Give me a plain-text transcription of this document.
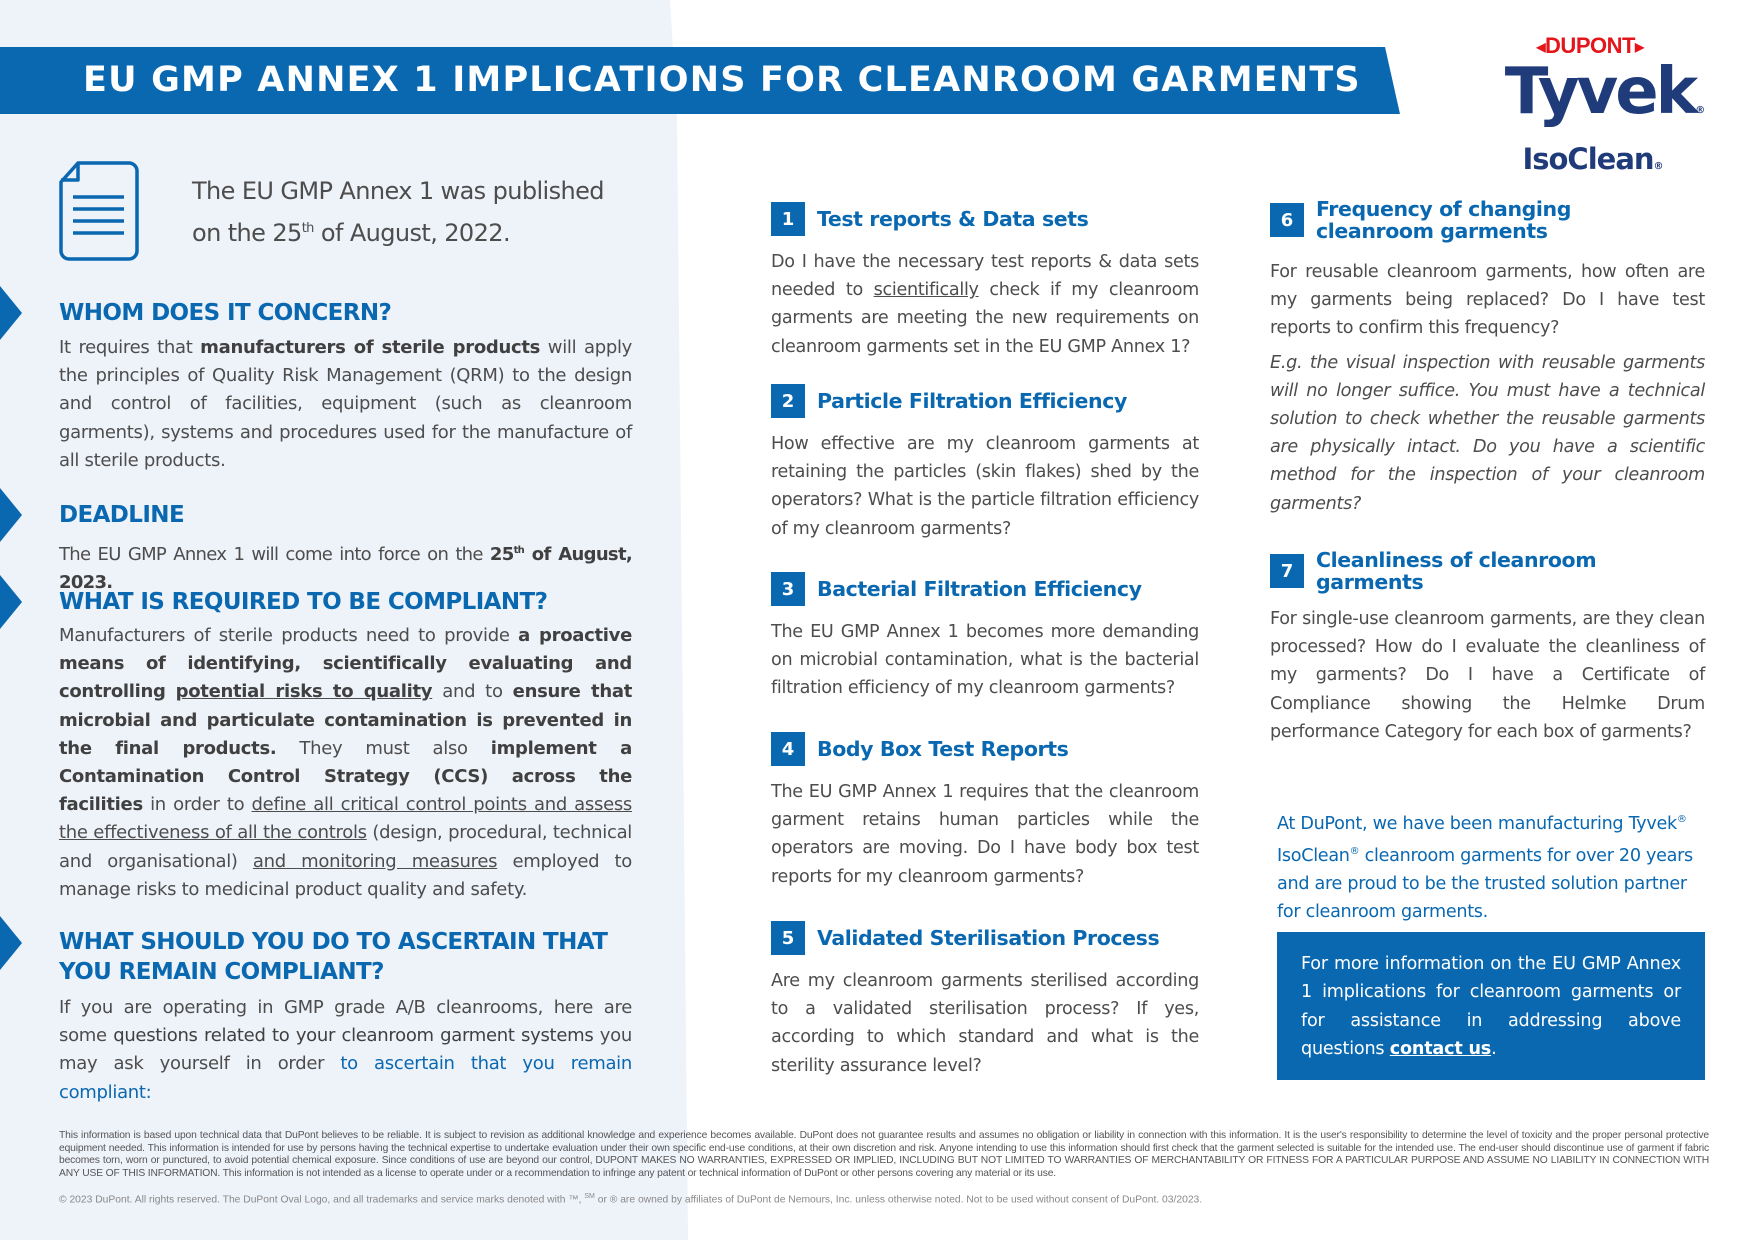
EU GMP ANNEX 1 IMPLICATIONS FOR CLEANROOM GARMENTS
◀DUPONT▶
Tyvek®
IsoClean®
The EU GMP Annex 1 was published
on the 25th of August, 2022.
WHOM DOES IT CONCERN?
It requires that manufacturers of sterile products will apply the principles of Quality Risk Management (QRM) to the design and control of facilities, equipment (such as cleanroom garments), systems and procedures used for the manufacture of all sterile products.
DEADLINE
The EU GMP Annex 1 will come into force on the 25th of August, 2023.
WHAT IS REQUIRED TO BE COMPLIANT?
Manufacturers of sterile products need to provide a proactive means of identifying, scientifically evaluating and controlling potential risks to quality and to ensure that microbial and particulate contamination is prevented in the final products. They must also implement a Contamination Control Strategy (CCS) across the facilities in order to define all critical control points and assess the effectiveness of all the controls (design, procedural, technical and organisational) and monitoring measures employed to manage risks to medicinal product quality and safety.
WHAT SHOULD YOU DO TO ASCERTAIN THAT YOU REMAIN COMPLIANT?
If you are operating in GMP grade A/B cleanrooms, here are some questions related to your cleanroom garment systems you may ask yourself in order to ascertain that you remain compliant:
1	Test reports & Data sets
Do I have the necessary test reports & data sets needed to scientifically check if my cleanroom garments are meeting the new requirements on cleanroom garments set in the EU GMP Annex 1?
2	Particle Filtration Efficiency
How effective are my cleanroom garments at retaining the particles (skin flakes) shed by the operators? What is the particle filtration efficiency of my cleanroom garments?
3	Bacterial Filtration Efficiency
The EU GMP Annex 1 becomes more demanding on microbial contamination, what is the bacterial filtration efficiency of my cleanroom garments?
4	Body Box Test Reports
The EU GMP Annex 1 requires that the cleanroom garment retains human particles while the operators are moving. Do I have body box test reports for my cleanroom garments?
5	Validated Sterilisation Process
Are my cleanroom garments sterilised according to a validated sterilisation process? If yes, according to which standard and what is the sterility assurance level?
6	Frequency of changing cleanroom garments
For reusable cleanroom garments, how often are my garments being replaced? Do I have test reports to confirm this frequency?
E.g. the visual inspection with reusable garments will no longer suffice. You must have a technical solution to check whether the reusable garments are physically intact. Do you have a scientific method for the inspection of your cleanroom garments?
7	Cleanliness of cleanroom garments
For single-use cleanroom garments, are they clean processed? How do I evaluate the cleanliness of my garments? Do I have a Certificate of Compliance showing the Helmke Drum performance Category for each box of garments?
At DuPont, we have been manufacturing Tyvek® IsoClean® cleanroom garments for over 20 years and are proud to be the trusted solution partner for cleanroom garments.

For more information on the EU GMP Annex 1 implications for cleanroom garments or for assistance in addressing above questions contact us.

This information is based upon technical data that DuPont believes to be reliable. It is subject to revision as additional knowledge and experience becomes available. DuPont does not guarantee results and assumes no obligation or liability in connection with this information. It is the user's responsibility to determine the level of toxicity and the proper personal protective equipment needed. This information is intended for use by persons having the technical expertise to undertake evaluation under their own specific end-use conditions, at their own discretion and risk. Anyone intending to use this information should first check that the garment selected is suitable for the intended use. The end-user should discontinue use of garment if fabric becomes torn, worn or punctured, to avoid potential chemical exposure. Since conditions of use are beyond our control, DUPONT MAKES NO WARRANTIES, EXPRESSED OR IMPLIED, INCLUDING BUT NOT LIMITED TO WARRANTIES OF MERCHANTABILITY OR FITNESS FOR A PARTICULAR PURPOSE AND ASSUME NO LIABILITY IN CONNECTION WITH ANY USE OF THIS INFORMATION. This information is not intended as a license to operate under or a recommendation to infringe any patent or technical information of DuPont or other persons covering any material or its use.
© 2023 DuPont. All rights reserved. The DuPont Oval Logo, and all trademarks and service marks denoted with ™, ℠ or ® are owned by affiliates of DuPont de Nemours, Inc. unless otherwise noted. Not to be used without consent of DuPont. 03/2023.
